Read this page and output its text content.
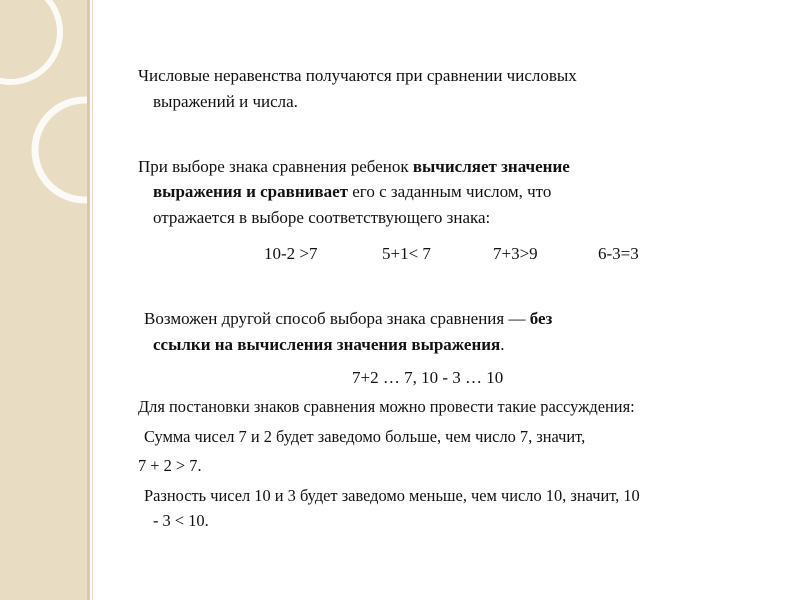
Числовые неравенства получаются при сравнении числовых
выражений и числа.
При выборе знака сравнения ребенок вычисляет значение
выражения и сравнивает его с заданным числом, что
отражается в выборе соответствующего знака:
10-2 >7	5+1< 7	7+3>9	6-3=3
Возможен другой способ выбора знака сравнения — без
ссылки на вычисления значения выражения.
7+2 … 7, 10 - 3 … 10
Для постановки знаков сравнения можно провести такие рассуждения:
Сумма чисел 7 и 2 будет заведомо больше, чем число 7, значит,
7 + 2 > 7.
Разность чисел 10 и 3 будет заведомо меньше, чем число 10, значит, 10
- 3 < 10.
